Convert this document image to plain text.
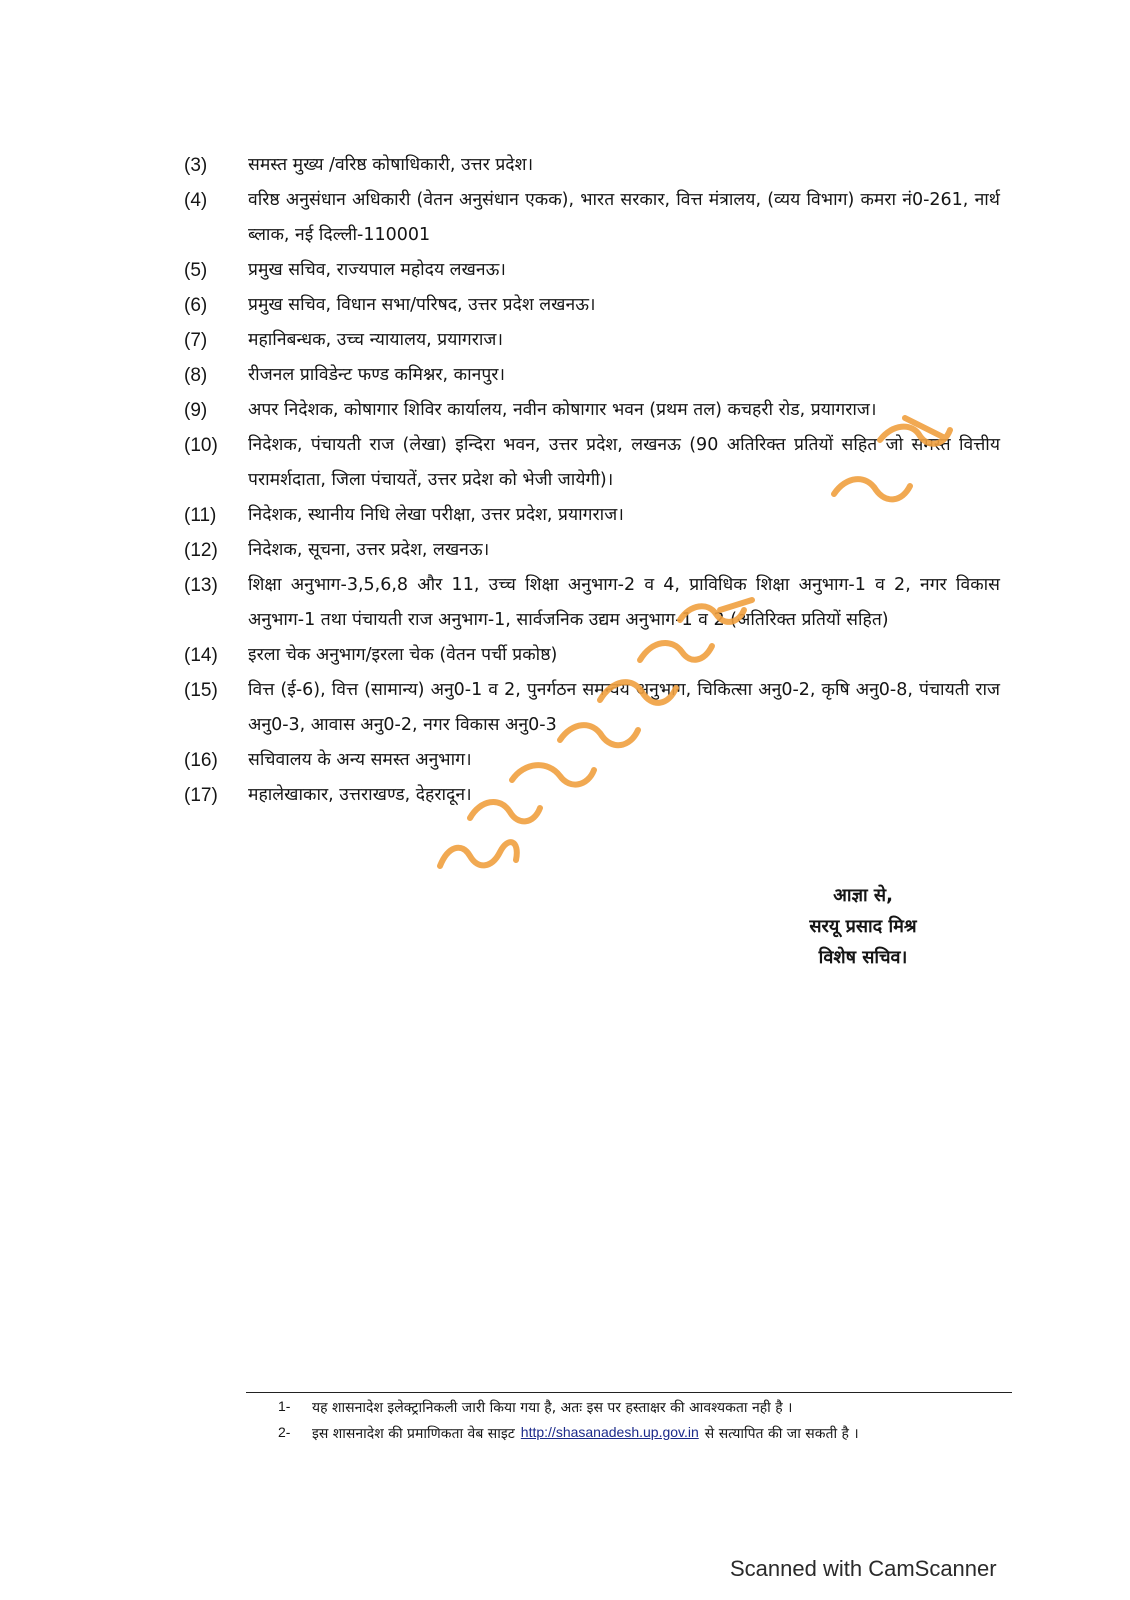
(3)	समस्त मुख्य /वरिष्ठ कोषाधिकारी, उत्तर प्रदेश।
(4)	वरिष्ठ अनुसंधान अधिकारी (वेतन अनुसंधान एकक), भारत सरकार, वित्त मंत्रालय, (व्यय विभाग) कमरा नं0-261, नार्थ ब्लाक, नई दिल्ली-110001
(5)	प्रमुख सचिव, राज्यपाल महोदय लखनऊ।
(6)	प्रमुख सचिव, विधान सभा/परिषद, उत्तर प्रदेश लखनऊ।
(7)	महानिबन्धक, उच्च न्यायालय, प्रयागराज।
(8)	रीजनल प्राविडेन्ट फण्ड कमिश्नर, कानपुर।
(9)	अपर निदेशक, कोषागार शिविर कार्यालय, नवीन कोषागार भवन (प्रथम तल) कचहरी रोड, प्रयागराज।
(10)	निदेशक, पंचायती राज (लेखा) इन्दिरा भवन, उत्तर प्रदेश, लखनऊ (90 अतिरिक्त प्रतियों सहित जो समस्त वित्तीय परामर्शदाता, जिला पंचायतें, उत्तर प्रदेश को भेजी जायेगी)।
(11)	निदेशक, स्थानीय निधि लेखा परीक्षा, उत्तर प्रदेश, प्रयागराज।
(12)	निदेशक, सूचना, उत्तर प्रदेश, लखनऊ।
(13)	शिक्षा अनुभाग-3,5,6,8 और 11, उच्च शिक्षा अनुभाग-2 व 4, प्राविधिक शिक्षा अनुभाग-1 व 2, नगर विकास अनुभाग-1 तथा पंचायती राज अनुभाग-1, सार्वजनिक उद्यम अनुभाग-1 व 2 (अतिरिक्त प्रतियों सहित)
(14)	इरला चेक अनुभाग/इरला चेक (वेतन पर्ची प्रकोष्ठ)
(15)	वित्त (ई-6), वित्त (सामान्य) अनु0-1 व 2, पुनर्गठन समन्वय अनुभाग, चिकित्सा अनु0-2, कृषि अनु0-8, पंचायती राज अनु0-3, आवास अनु0-2, नगर विकास अनु0-3
(16)	सचिवालय के अन्य समस्त अनुभाग।
(17)	महालेखाकार, उत्तराखण्ड, देहरादून।
आज्ञा से,
सरयू प्रसाद मिश्र
विशेष सचिव।
1-	यह शासनादेश इलेक्ट्रानिकली जारी किया गया है, अतः इस पर हस्ताक्षर की आवश्यकता नही है ।
2-	इस शासनादेश की प्रमाणिकता वेब साइट http://shasanadesh.up.gov.in से सत्यापित की जा सकती है ।
Scanned with CamScanner
